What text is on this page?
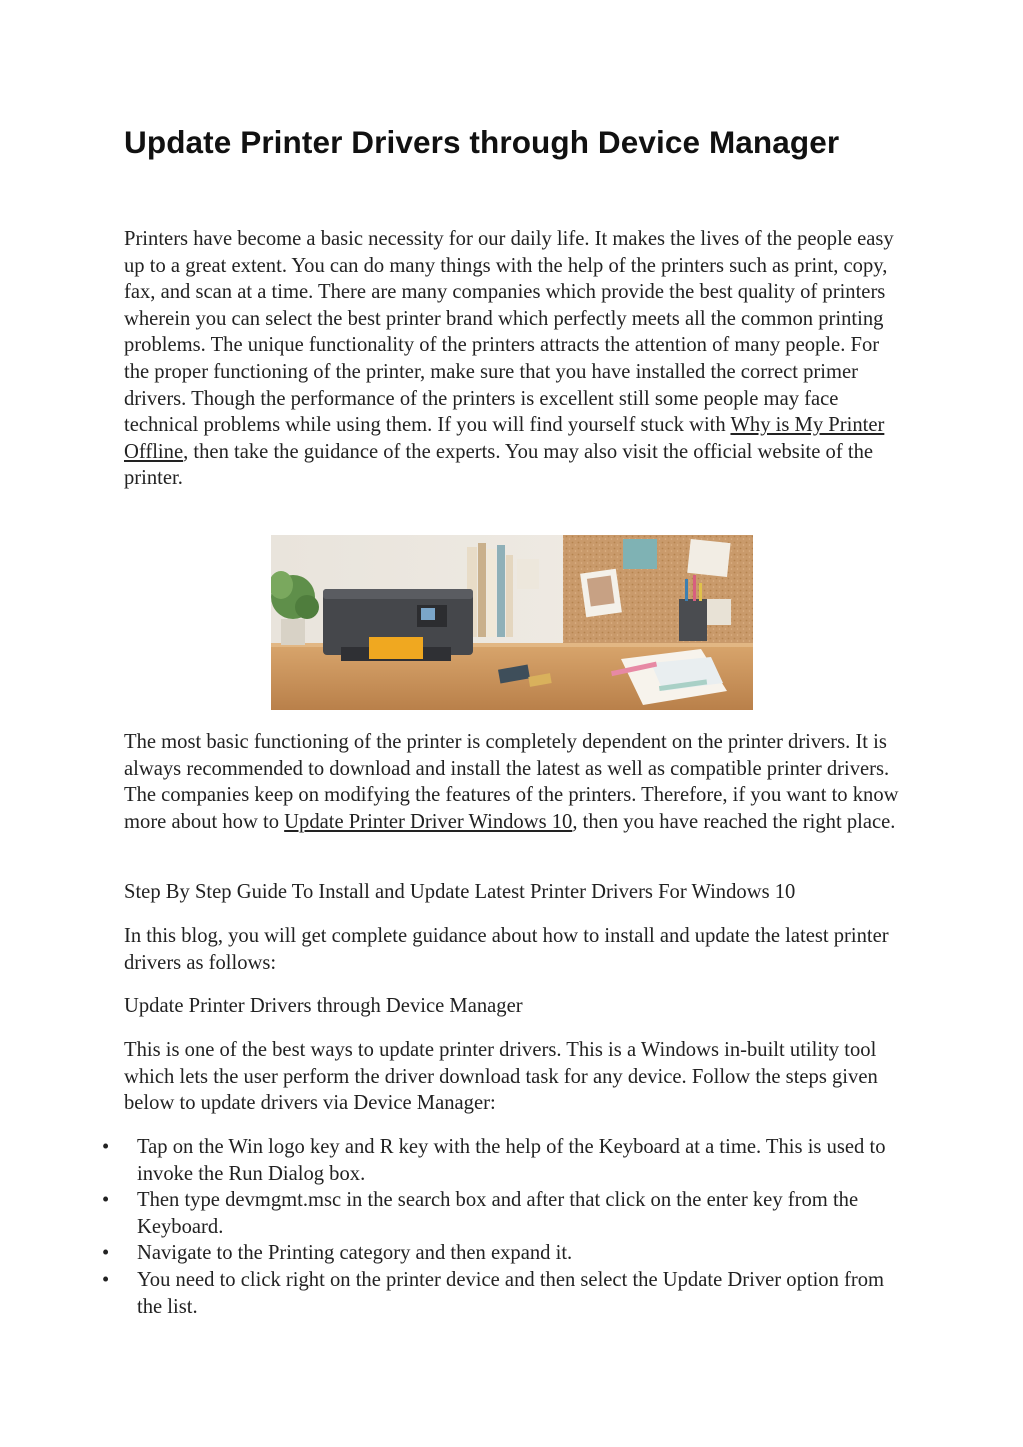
Update Printer Drivers through Device Manager

Printers have become a basic necessity for our daily life. It makes the lives of the people easy up to a great extent. You can do many things with the help of the printers such as print, copy, fax, and scan at a time. There are many companies which provide the best quality of printers wherein you can select the best printer brand which perfectly meets all the common printing problems. The unique functionality of the printers attracts the attention of many people. For the proper functioning of the printer, make sure that you have installed the correct primer drivers. Though the performance of the printers is excellent still some people may face technical problems while using them. If you will find yourself stuck with Why is My Printer Offline, then take the guidance of the experts. You may also visit the official website of the printer.

The most basic functioning of the printer is completely dependent on the printer drivers. It is always recommended to download and install the latest as well as compatible printer drivers. The companies keep on modifying the features of the printers. Therefore, if you want to know more about how to Update Printer Driver Windows 10, then you have reached the right place.

Step By Step Guide To Install and Update Latest Printer Drivers For Windows 10

In this blog, you will get complete guidance about how to install and update the latest printer drivers as follows:

Update Printer Drivers through Device Manager

This is one of the best ways to update printer drivers. This is a Windows in-built utility tool which lets the user perform the driver download task for any device. Follow the steps given below to update drivers via Device Manager:

• Tap on the Win logo key and R key with the help of the Keyboard at a time. This is used to invoke the Run Dialog box.
• Then type devmgmt.msc in the search box and after that click on the enter key from the Keyboard.
• Navigate to the Printing category and then expand it.
• You need to click right on the printer device and then select the Update Driver option from the list.
